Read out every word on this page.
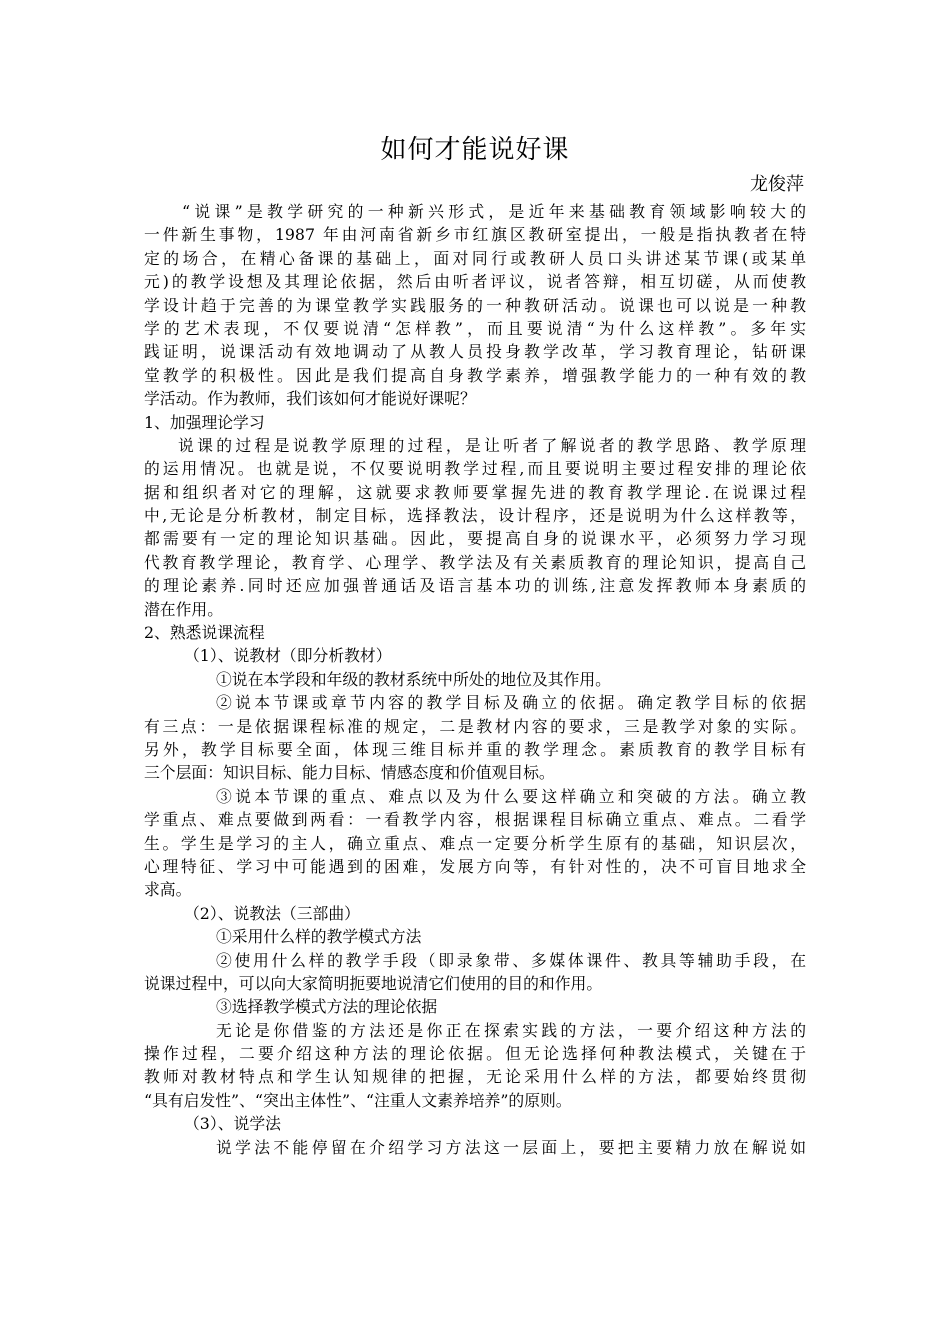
如何才能说好课
龙俊萍
“说课”是教学研究的一种新兴形式，是近年来基础教育领域影响较大的
一件新生事物，1987 年由河南省新乡市红旗区教研室提出，一般是指执教者在特
定的场合，在精心备课的基础上，面对同行或教研人员口头讲述某节课(或某单
元)的教学设想及其理论依据，然后由听者评议，说者答辩，相互切磋，从而使教
学设计趋于完善的为课堂教学实践服务的一种教研活动。说课也可以说是一种教
学的艺术表现，不仅要说清“怎样教”，而且要说清“为什么这样教”。多年实
践证明，说课活动有效地调动了从教人员投身教学改革，学习教育理论，钻研课
堂教学的积极性。因此是我们提高自身教学素养，增强教学能力的一种有效的教
学活动。作为教师，我们该如何才能说好课呢？
1、加强理论学习
说课的过程是说教学原理的过程，是让听者了解说者的教学思路、教学原理
的运用情况。也就是说，不仅要说明教学过程,而且要说明主要过程安排的理论依
据和组织者对它的理解，这就要求教师要掌握先进的教育教学理论.在说课过程
中,无论是分析教材，制定目标，选择教法，设计程序，还是说明为什么这样教等，
都需要有一定的理论知识基础。因此，要提高自身的说课水平，必须努力学习现
代教育教学理论，教育学、心理学、教学法及有关素质教育的理论知识，提高自己
的理论素养.同时还应加强普通话及语言基本功的训练,注意发挥教师本身素质的
潜在作用。
2、熟悉说课流程
（1）、说教材（即分析教材）
①说在本学段和年级的教材系统中所处的地位及其作用。
②说本节课或章节内容的教学目标及确立的依据。确定教学目标的依据
有三点：一是依据课程标准的规定，二是教材内容的要求，三是教学对象的实际。
另外，教学目标要全面，体现三维目标并重的教学理念。素质教育的教学目标有
三个层面：知识目标、能力目标、情感态度和价值观目标。
③说本节课的重点、难点以及为什么要这样确立和突破的方法。确立教
学重点、难点要做到两看：一看教学内容，根据课程目标确立重点、难点。二看学
生。学生是学习的主人，确立重点、难点一定要分析学生原有的基础，知识层次，
心理特征、学习中可能遇到的困难，发展方向等，有针对性的，决不可盲目地求全
求高。
（2）、说教法（三部曲）
①采用什么样的教学模式方法
②使用什么样的教学手段（即录象带、多媒体课件、教具等辅助手段，在
说课过程中，可以向大家简明扼要地说清它们使用的目的和作用。
③选择教学模式方法的理论依据
无论是你借鉴的方法还是你正在探索实践的方法，一要介绍这种方法的
操作过程，二要介绍这种方法的理论依据。但无论选择何种教法模式，关键在于
教师对教材特点和学生认知规律的把握，无论采用什么样的方法，都要始终贯彻
“具有启发性”、“突出主体性”、“注重人文素养培养”的原则。
（3）、说学法
说学法不能停留在介绍学习方法这一层面上，要把主要精力放在解说如
